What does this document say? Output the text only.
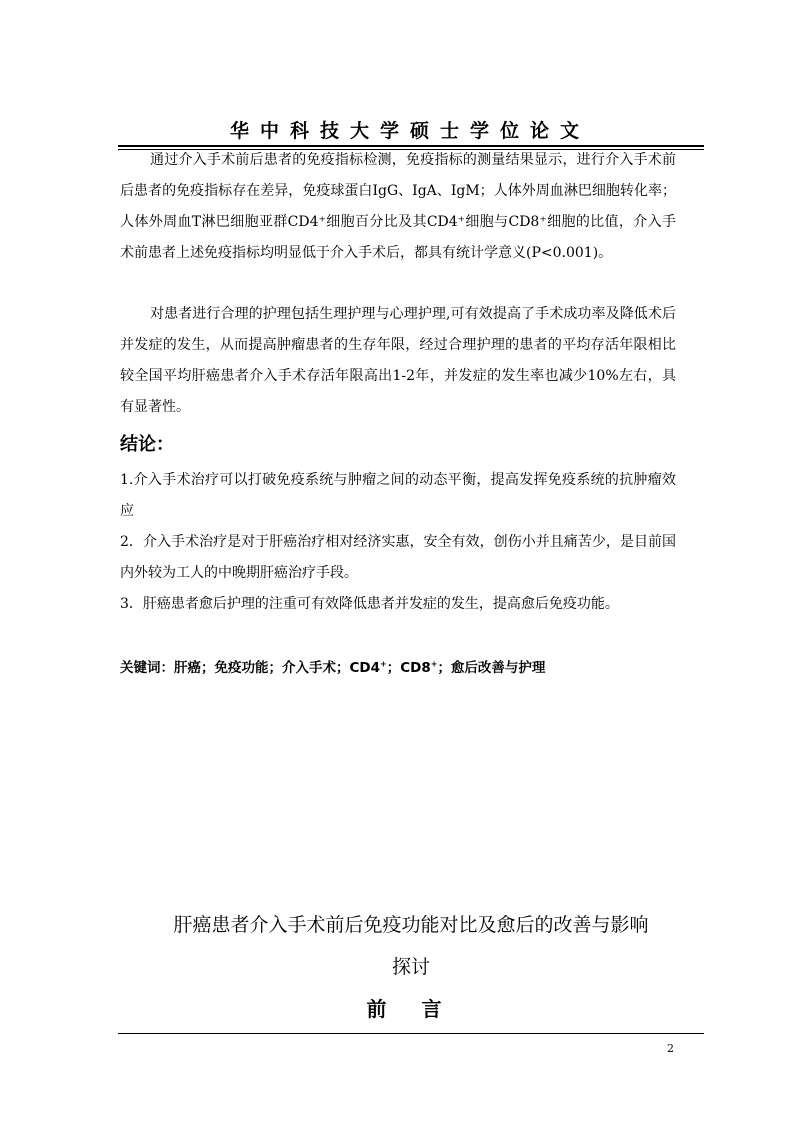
华中科技大学硕士学位论文

通过介入手术前后患者的免疫指标检测，免疫指标的测量结果显示，进行介入手术前后患者的免疫指标存在差异，免疫球蛋白IgG、IgA、IgM；人体外周血淋巴细胞转化率；人体外周血T淋巴细胞亚群CD4⁺细胞百分比及其CD4⁺细胞与CD8⁺细胞的比值，介入手术前患者上述免疫指标均明显低于介入手术后，都具有统计学意义(P<0.001)。

对患者进行合理的护理包括生理护理与心理护理,可有效提高了手术成功率及降低术后并发症的发生，从而提高肿瘤患者的生存年限，经过合理护理的患者的平均存活年限相比较全国平均肝癌患者介入手术存活年限高出1-2年，并发症的发生率也减少10%左右，具有显著性。

结论：

1.介入手术治疗可以打破免疫系统与肿瘤之间的动态平衡，提高发挥免疫系统的抗肿瘤效应

2．介入手术治疗是对于肝癌治疗相对经济实惠，安全有效，创伤小并且痛苦少，是目前国内外较为工人的中晚期肝癌治疗手段。

3．肝癌患者愈后护理的注重可有效降低患者并发症的发生，提高愈后免疫功能。

关键词：肝癌；免疫功能；介入手术；CD4+；CD8+；愈后改善与护理
肝癌患者介入手术前后免疫功能对比及愈后的改善与影响
探讨
前 言
2
